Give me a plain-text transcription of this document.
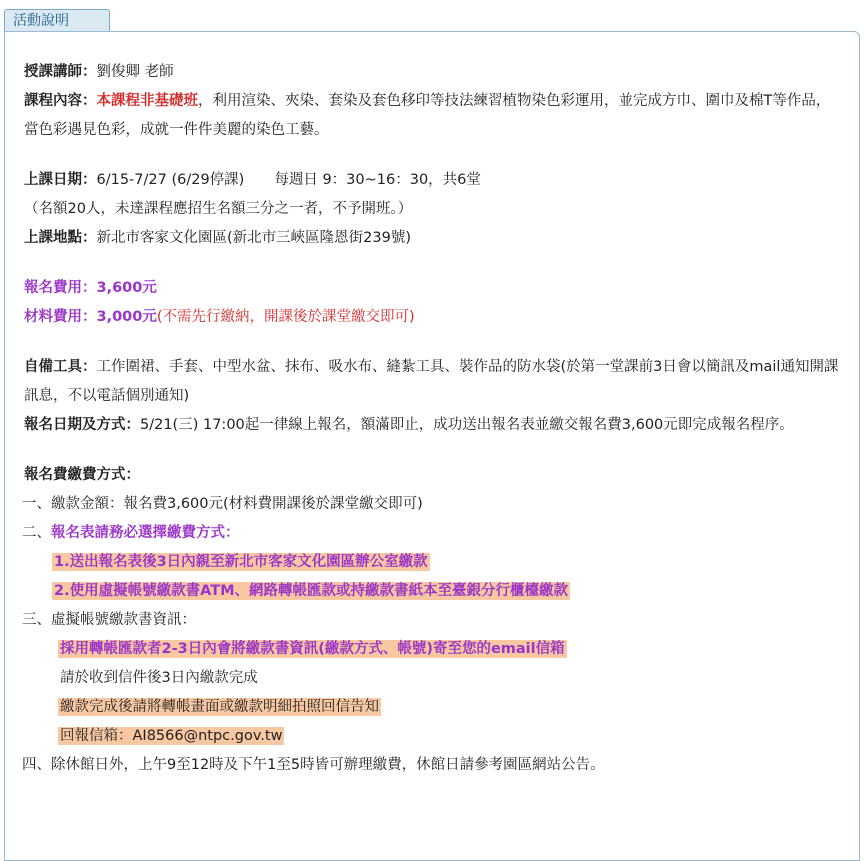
活動說明
授課講師：劉俊卿 老師
課程內容：本課程非基礎班，利用渲染、夾染、套染及套色移印等技法練習植物染色彩運用，並完成方巾、圍巾及棉T等作品，當色彩遇見色彩，成就一件件美麗的染色工藝。
上課日期：6/15-7/27 (6/29停課) 每週日 9：30~16：30，共6堂
（名額20人，未達課程應招生名額三分之一者，不予開班。）
上課地點：新北市客家文化園區(新北市三峽區隆恩街239號)
報名費用：3,600元
材料費用：3,000元(不需先行繳納，開課後於課堂繳交即可)
自備工具：工作圍裙、手套、中型水盆、抹布、吸水布、縫紮工具、裝作品的防水袋(於第一堂課前3日會以簡訊及mail通知開課訊息，不以電話個別通知)
報名日期及方式：5/21(三) 17:00起一律線上報名，額滿即止，成功送出報名表並繳交報名費3,600元即完成報名程序。
報名費繳費方式：
一、繳款金額：報名費3,600元(材料費開課後於課堂繳交即可)
二、報名表請務必選擇繳費方式：
1.送出報名表後3日內親至新北市客家文化園區辦公室繳款
2.使用虛擬帳號繳款書ATM、網路轉帳匯款或持繳款書紙本至臺銀分行櫃檯繳款
三、虛擬帳號繳款書資訊：
採用轉帳匯款者2-3日內會將繳款書資訊(繳款方式、帳號)寄至您的email信箱
請於收到信件後3日內繳款完成
繳款完成後請將轉帳畫面或繳款明細拍照回信告知
回報信箱：AI8566@ntpc.gov.tw
四、除休館日外，上午9至12時及下午1至5時皆可辦理繳費，休館日請參考園區網站公告。
